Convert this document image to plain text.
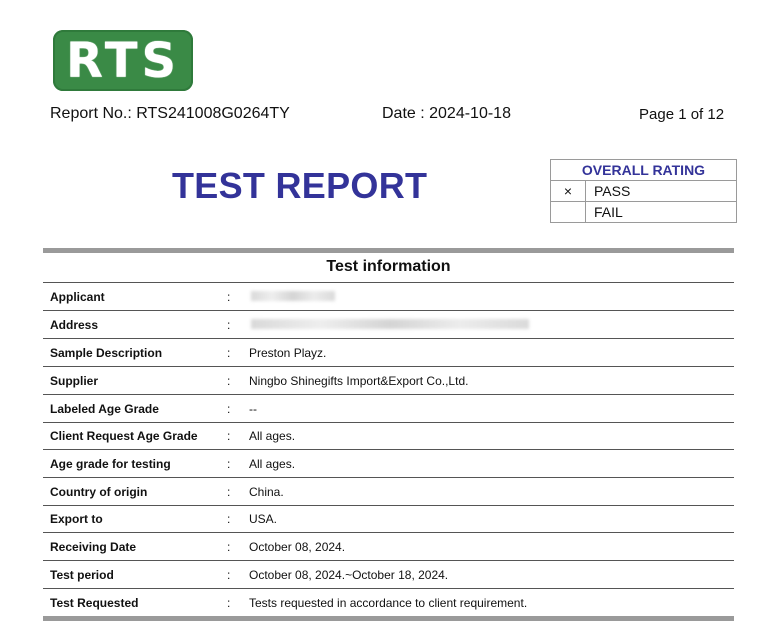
RTS
Report No.: RTS241008G0264TY	Date : 2024-10-18	Page 1 of 12
TEST REPORT	OVERALL RATING	
×	PASS
	FAIL
Test information
Applicant	:
Address	:
Sample Description	: Preston Playz.
Supplier	: Ningbo Shinegifts Import&Export Co.,Ltd.
Labeled Age Grade	: --
Client Request Age Grade : All ages.
Age grade for testing	: All ages.
Country of origin	: China.
Export to	: USA.
Receiving Date	: October 08, 2024.
Test period	: October 08, 2024.~October 18, 2024.
Test Requested	: Tests requested in accordance to client requirement.
